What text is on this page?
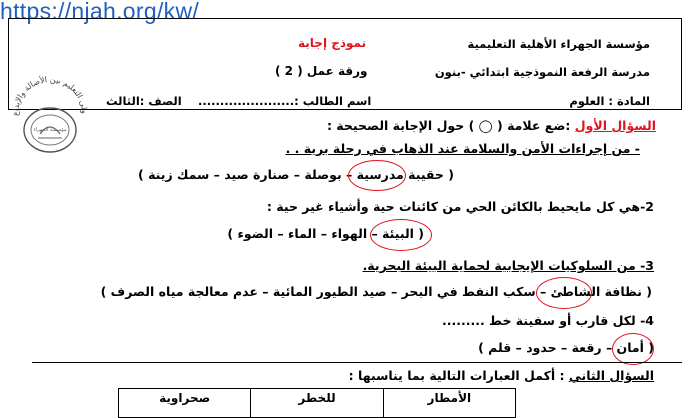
https://njah.org/kw/
مؤسسة الجهراء الأهلية التعليمية
نموذج إجابة
مدرسة الرفعة النموذجية ابتدائي -بنون
ورقة عمل ( 2 )
المادة : العلوم
اسم الطالب :......................
الصف :الثالث
ولى التعليم بين الأصالة والإبداع
مؤسسة الجهراء	السؤال الأول :ضع علامة ( ◯ ) حول الإجابة الصحيحة :
- من إجراءات الأمن والسلامة عند الذهاب في رحلة برية . .
( حقيبة مدرسية – بوصلة – صنارة صيد – سمك زينة )
2-هي كل مايحيط بالكائن الحي من كائنات حية وأشياء غير حية :
( البيئة – الهواء – الماء – الضوء )
3- من السلوكيات الإيجابية لحماية البيئة البحرية.
( نظافة الشاطئ – سكب النفط في البحر – صيد الطيور المائية – عدم معالجة مياه الصرف )
4- لكل قارب أو سفينة خط .........
( أمان – رقعة – حدود – قلم )
السؤال الثاني : أكمل العبارات التالية بما يناسبها :
الأمطار
للخطر
صحراوية
